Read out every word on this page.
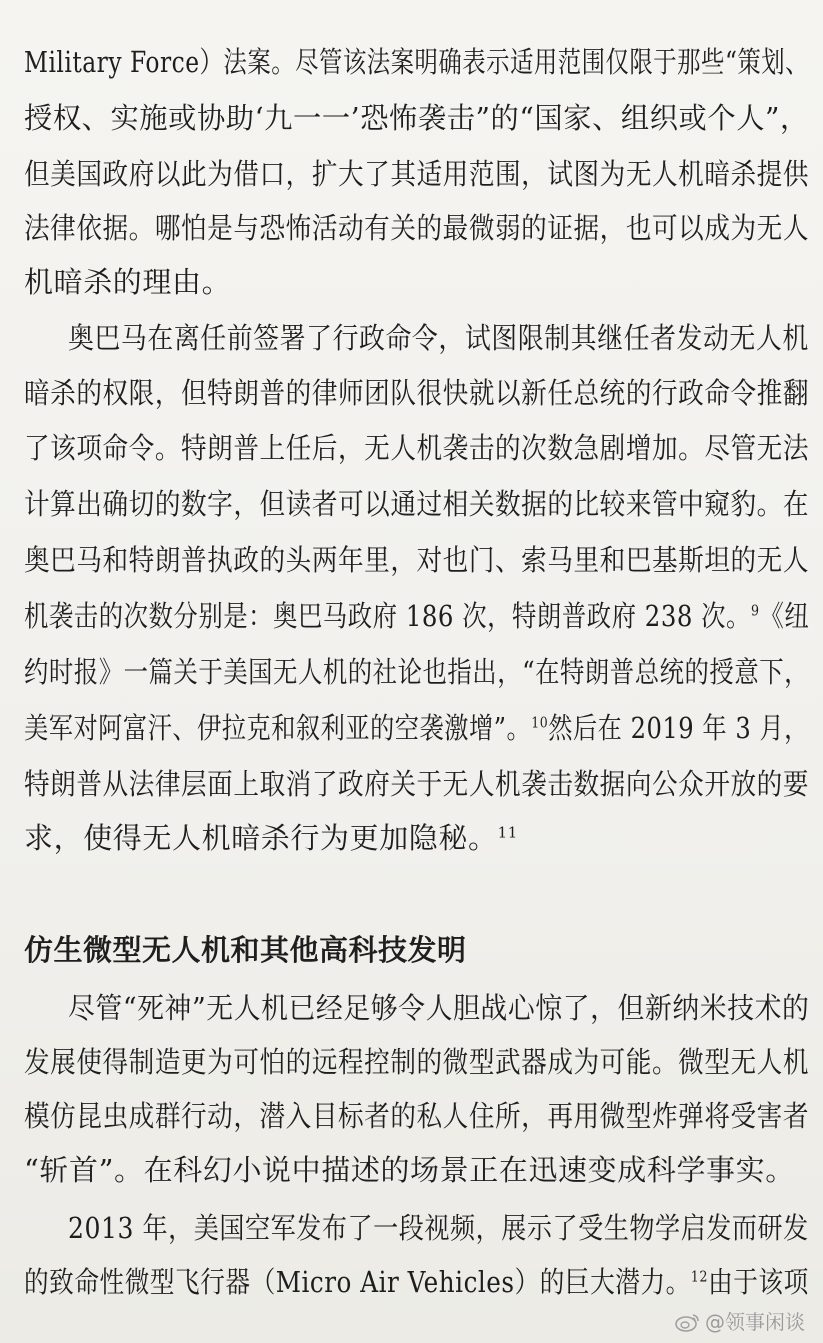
Military Force）法案。尽管该法案明确表示适用范围仅限于那些“策划、
授权、实施或协助‘九一一’恐怖袭击”的“国家、组织或个人”，
但美国政府以此为借口，扩大了其适用范围，试图为无人机暗杀提供
法律依据。哪怕是与恐怖活动有关的最微弱的证据，也可以成为无人
机暗杀的理由。
奥巴马在离任前签署了行政命令，试图限制其继任者发动无人机
暗杀的权限，但特朗普的律师团队很快就以新任总统的行政命令推翻
了该项命令。特朗普上任后，无人机袭击的次数急剧增加。尽管无法
计算出确切的数字，但读者可以通过相关数据的比较来管中窥豹。在
奥巴马和特朗普执政的头两年里，对也门、索马里和巴基斯坦的无人
机袭击的次数分别是：奥巴马政府 186 次，特朗普政府 238 次。$^9$《纽
约时报》一篇关于美国无人机的社论也指出，“在特朗普总统的授意下，
美军对阿富汗、伊拉克和叙利亚的空袭激增”。$^{10}$然后在 2019 年 3 月，
特朗普从法律层面上取消了政府关于无人机袭击数据向公众开放的要
求，使得无人机暗杀行为更加隐秘。$^{11}$
仿生微型无人机和其他高科技发明
尽管“死神”无人机已经足够令人胆战心惊了，但新纳米技术的
发展使得制造更为可怕的远程控制的微型武器成为可能。微型无人机
模仿昆虫成群行动，潜入目标者的私人住所，再用微型炸弹将受害者
“斩首”。在科幻小说中描述的场景正在迅速变成科学事实。
2013 年，美国空军发布了一段视频，展示了受生物学启发而研发
的致命性微型飞行器（Micro Air Vehicles）的巨大潜力。$^{12}$由于该项
@领事闲谈
